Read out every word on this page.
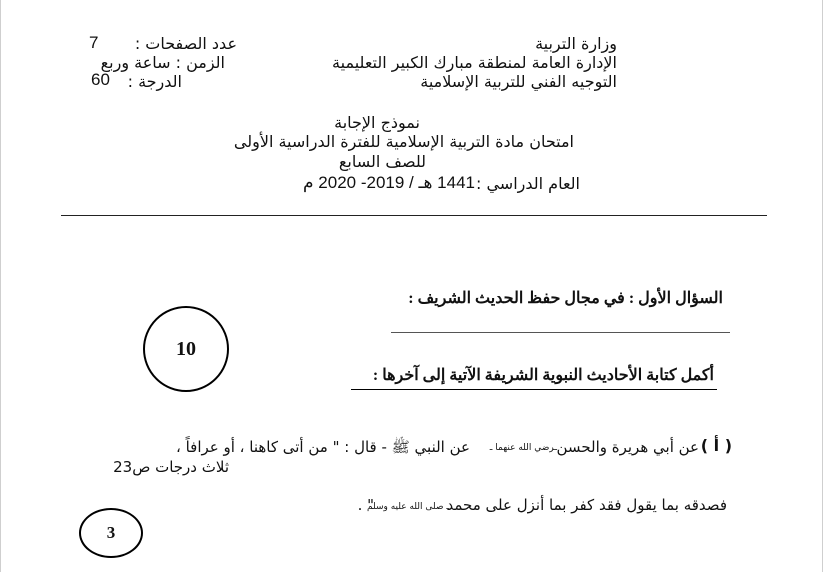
وزارة التربية
الإدارة العامة لمنطقة مبارك الكبير التعليمية
التوجيه الفني للتربية الإسلامية
عدد الصفحات :
7
الزمن : ساعة وربع
الدرجة :
60
نموذج الإجابة
امتحان مادة التربية الإسلامية للفترة الدراسية الأولى
للصف السابع
العام الدراسي :
1441 هـ / 2019- 2020 م
السؤال الأول : في مجال حفظ الحديث الشريف :
10
أكمل كتابة الأحاديث النبوية الشريفة الآتية إلى آخرها :
( أ )
عن أبي هريرة والحسن
ـرضي الله عنهما ـ
عن النبي ﷺ - قال : " من أتى كاهنا ، أو عرافاً ،
ثلاث درجات ص23
فصدقه بما يقول فقد كفر بما أنزل على محمد
ـ صلى الله عليه وسلم
" .
3
